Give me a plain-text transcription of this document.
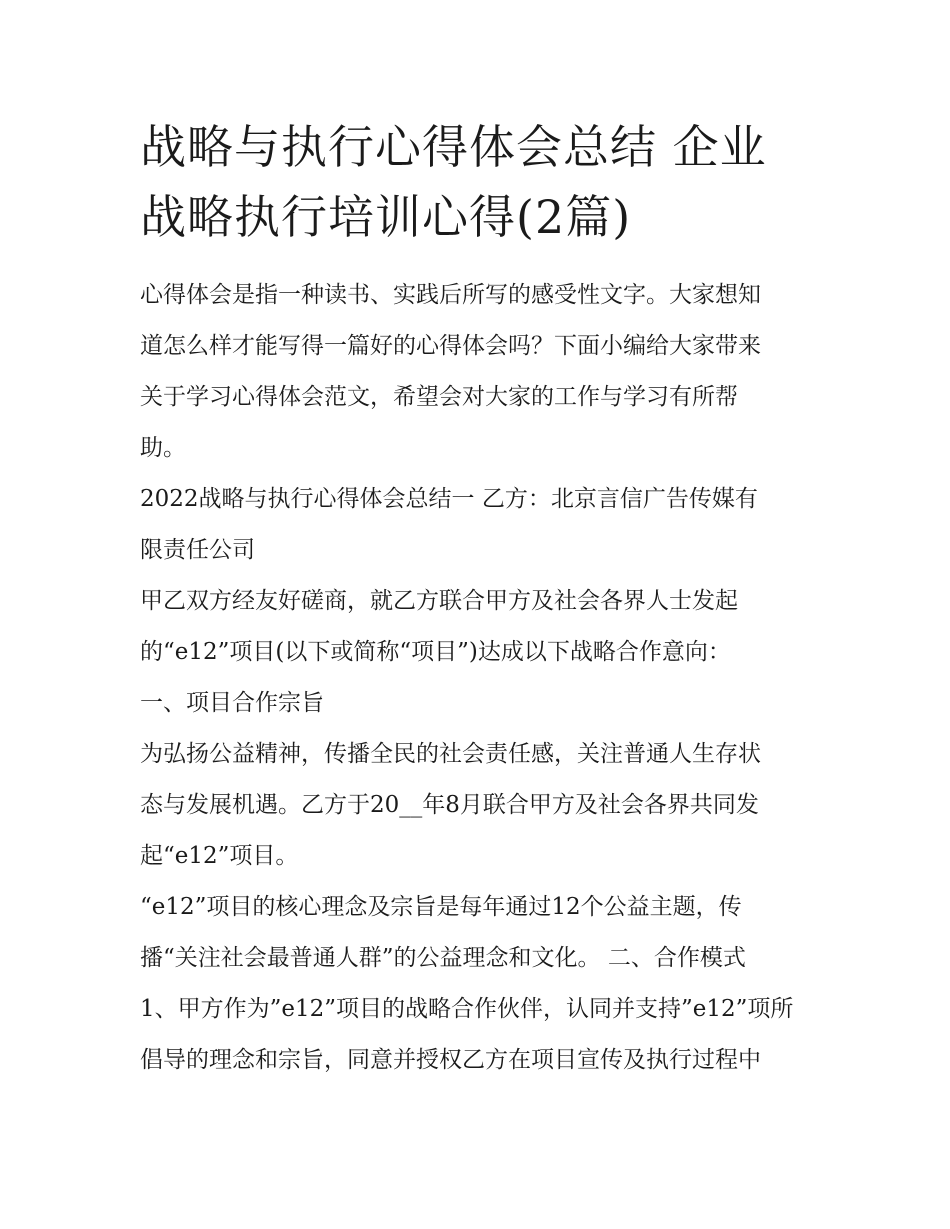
战略与执行心得体会总结 企业
战略执行培训心得(2篇)
心得体会是指一种读书、实践后所写的感受性文字。大家想知
道怎么样才能写得一篇好的心得体会吗？下面小编给大家带来
关于学习心得体会范文，希望会对大家的工作与学习有所帮
助。
2022战略与执行心得体会总结一 乙方：北京言信广告传媒有
限责任公司
甲乙双方经友好磋商，就乙方联合甲方及社会各界人士发起
的“e12”项目(以下或简称“项目”)达成以下战略合作意向：
一、项目合作宗旨
为弘扬公益精神，传播全民的社会责任感，关注普通人生存状
态与发展机遇。乙方于20__年8月联合甲方及社会各界共同发
起“e12”项目。
“e12”项目的核心理念及宗旨是每年通过12个公益主题，传
播“关注社会最普通人群”的公益理念和文化。 二、合作模式
1、甲方作为”e12”项目的战略合作伙伴，认同并支持”e12”项所
倡导的理念和宗旨，同意并授权乙方在项目宣传及执行过程中
